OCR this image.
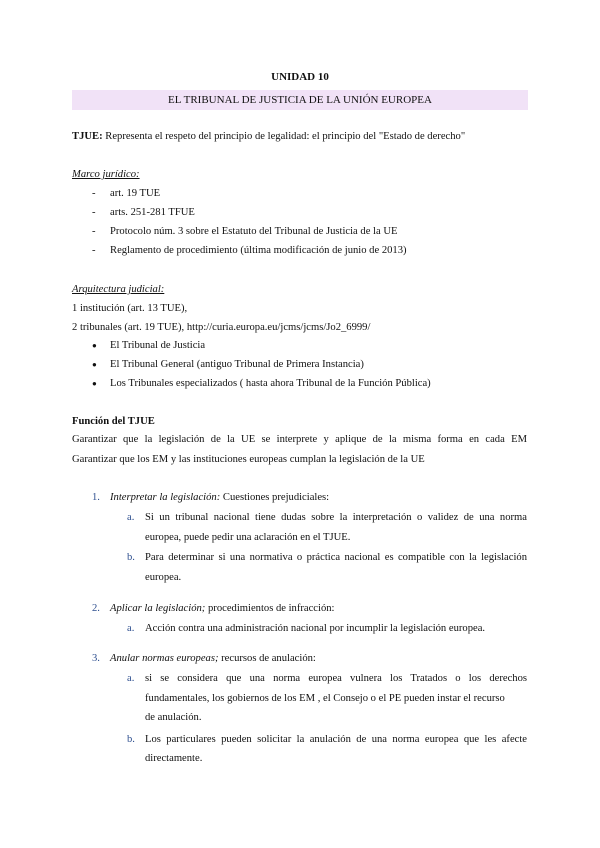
UNIDAD 10
EL TRIBUNAL DE JUSTICIA DE LA UNIÓN EUROPEA
TJUE: Representa el respeto del principio de legalidad: el principio del "Estado de derecho"
Marco jurídico:
- art. 19 TUE
- arts. 251-281 TFUE
- Protocolo núm. 3 sobre el Estatuto del Tribunal de Justicia de la UE
- Reglamento de procedimiento (última modificación de junio de 2013)
Arquitectura judicial:
1 institución (art. 13 TUE),
2 tribunales (art. 19 TUE), http://curia.europa.eu/jcms/jcms/Jo2_6999/
● El Tribunal de Justicia
● El Tribunal General (antiguo Tribunal de Primera Instancia)
● Los Tribunales especializados ( hasta ahora Tribunal de la Función Pública)
Función del TJUE
Garantizar que la legislación de la UE se interprete y aplique de la misma forma en cada EM
Garantizar que los EM y las instituciones europeas cumplan la legislación de la UE
1. Interpretar la legislación: Cuestiones prejudiciales:
a. Si un tribunal nacional tiene dudas sobre la interpretación o validez de una norma
europea, puede pedir una aclaración en el TJUE.
b. Para determinar si una normativa o práctica nacional es compatible con la legislación
europea.
2. Aplicar la legislación; procedimientos de infracción:
a. Acción contra una administración nacional por incumplir la legislación europea.
3. Anular normas europeas; recursos de anulación:
a. si se considera que una norma europea vulnera los Tratados o los derechos
fundamentales, los gobiernos de los EM , el Consejo o el PE pueden instar el recurso
de anulación.
b. Los particulares pueden solicitar la anulación de una norma europea que les afecte
directamente.
